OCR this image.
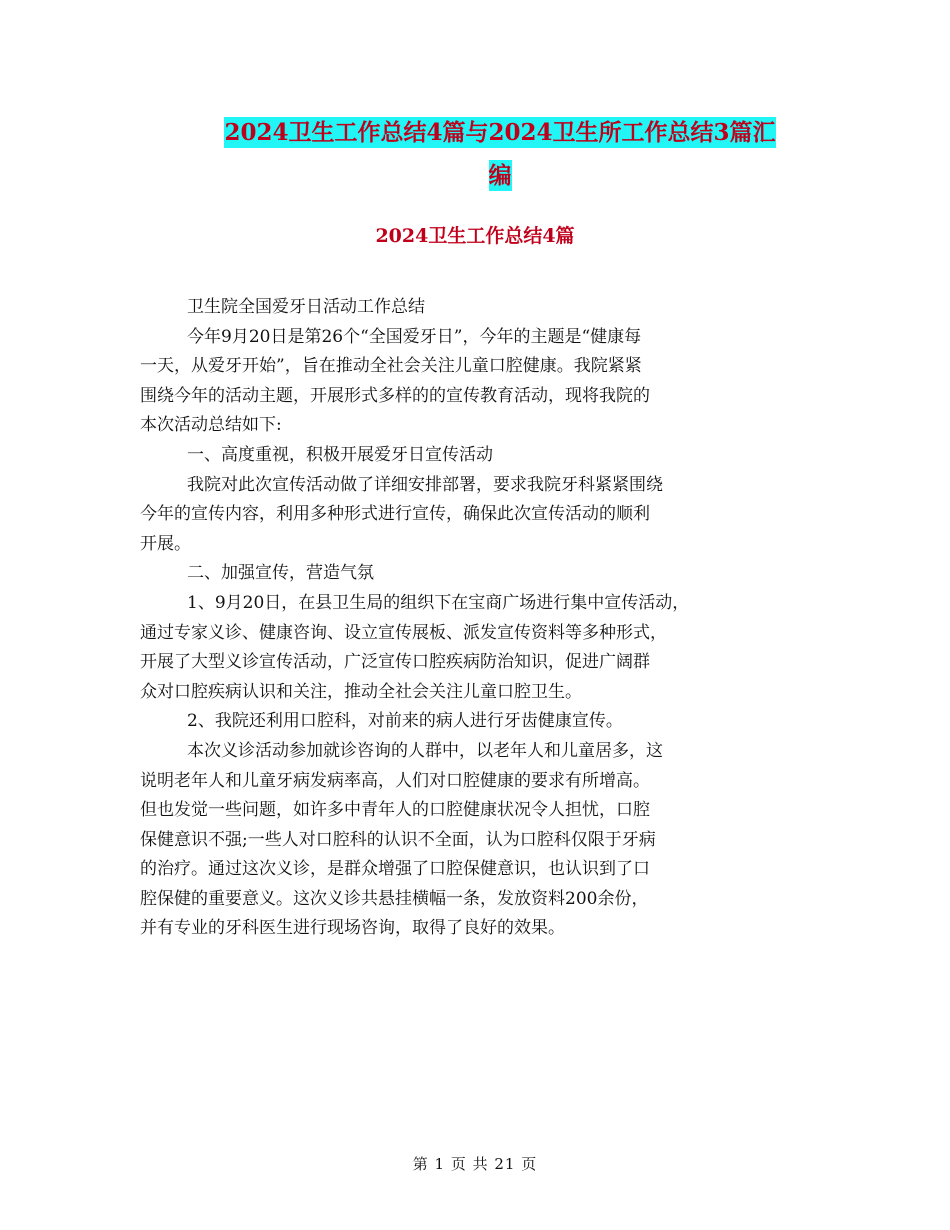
2024卫生工作总结4篇与2024卫生所工作总结3篇汇
编
2024卫生工作总结4篇
卫生院全国爱牙日活动工作总结
今年9月20日是第26个“全国爱牙日”，今年的主题是“健康每
一天，从爱牙开始”，旨在推动全社会关注儿童口腔健康。我院紧紧
围绕今年的活动主题，开展形式多样的的宣传教育活动，现将我院的
本次活动总结如下:
一、高度重视，积极开展爱牙日宣传活动
我院对此次宣传活动做了详细安排部署，要求我院牙科紧紧围绕
今年的宣传内容，利用多种形式进行宣传，确保此次宣传活动的顺利
开展。
二、加强宣传，营造气氛
1、9月20日，在县卫生局的组织下在宝商广场进行集中宣传活动，
通过专家义诊、健康咨询、设立宣传展板、派发宣传资料等多种形式，
开展了大型义诊宣传活动，广泛宣传口腔疾病防治知识，促进广阔群
众对口腔疾病认识和关注，推动全社会关注儿童口腔卫生。
2、我院还利用口腔科，对前来的病人进行牙齿健康宣传。
本次义诊活动参加就诊咨询的人群中，以老年人和儿童居多，这
说明老年人和儿童牙病发病率高，人们对口腔健康的要求有所增高。
但也发觉一些问题，如许多中青年人的口腔健康状况令人担忧，口腔
保健意识不强;一些人对口腔科的认识不全面，认为口腔科仅限于牙病
的治疗。通过这次义诊，是群众增强了口腔保健意识，也认识到了口
腔保健的重要意义。这次义诊共悬挂横幅一条，发放资料200余份，
并有专业的牙科医生进行现场咨询，取得了良好的效果。
第 1 页 共 21 页
